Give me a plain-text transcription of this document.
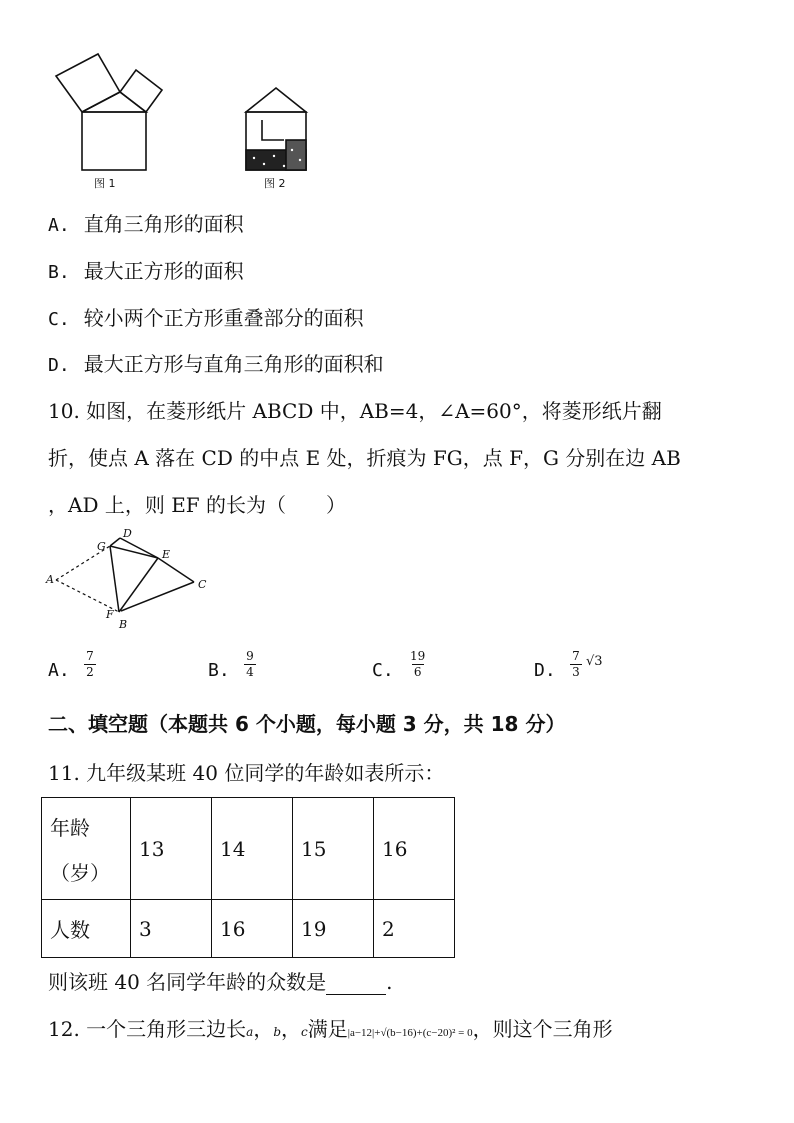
图 1	图 2
A. 直角三角形的面积
B. 最大正方形的面积
C. 较小两个正方形重叠部分的面积
D. 最大正方形与直角三角形的面积和
10. 如图，在菱形纸片 ABCD 中，AB=4，∠A=60°，将菱形纸片翻
折，使点 A 落在 CD 的中点 E 处，折痕为 FG，点 F，G 分别在边 AB
，AD 上，则 EF 的长为（　　）
A
B
C
D
E
F
G
A.
7
2	B.
9
4	C.
19
6	D.
7
3
√3
二、填空题（本题共 6 个小题，每小题 3 分，共 18 分）
11. 九年级某班 40 位同学的年龄如表所示：
年龄
（岁）	13	14	15	16
人数	3	16	19	2
则该班 40 名同学年龄的众数是	.
12. 一个三角形三边长a，b，c满足|a−12|+√(b−16)+(c−20)² = 0，则这个三角形
